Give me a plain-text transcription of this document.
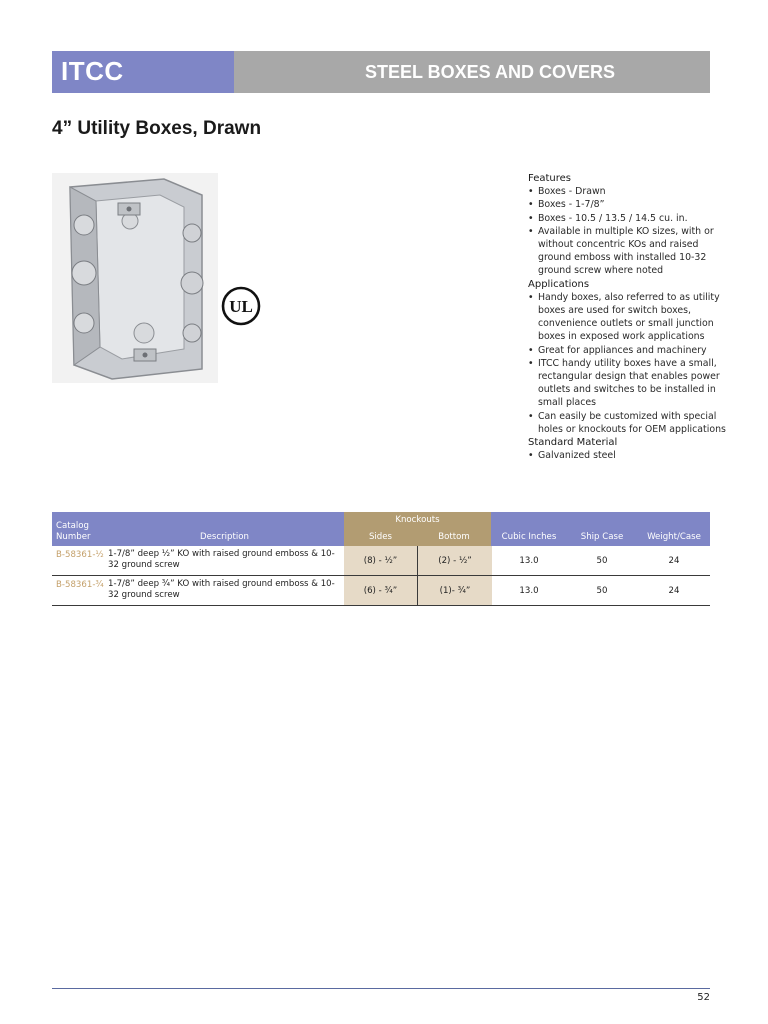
ITCC	STEEL BOXES AND COVERS
4” Utility Boxes, Drawn
UL
Features
• Boxes - Drawn
• Boxes - 1-7/8”
• Boxes - 10.5 / 13.5 / 14.5 cu. in.
• Available in multiple KO sizes, with or without concentric KOs and raised ground emboss with installed 10-32 ground screw where noted
Applications
• Handy boxes, also referred to as utility boxes are used for switch boxes, convenience outlets or small junction boxes in exposed work applications
• Great for appliances and machinery
• ITCC handy utility boxes have a small, rectangular design that enables power outlets and switches to be installed in small places
• Can easily be customized with special holes or knockouts for OEM applications
Standard Material
• Galvanized steel
Catalog
Number	Description
Knockouts
Sides	Bottom	Cubic Inches	Ship Case	Weight/Case
B-58361-½ 1-7/8” deep ½” KO with raised ground emboss & 10-32 ground screw	(8) - ½”	(2) - ½”	13.0	50	24
B-58361-¾ 1-7/8” deep ¾” KO with raised ground emboss & 10-32 ground screw	(6) - ¾”	(1)- ¾”	13.0	50	24
52
